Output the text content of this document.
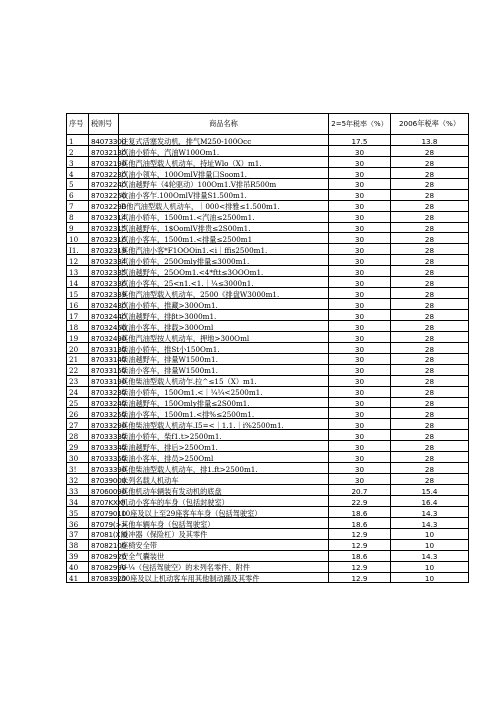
序号	税则号	商品名称	2=5年税率（%）	2006年税率（%）
1	84073300	往复式活塞发动机，排气M250-100Occ	17.5	13.8
2	87032130	汽油小轿车，汽油W100Om1.	30	28
3	87032190	其他汽油型载人机动车，持址Wlo（X）m1.	30	28
4	87032230	汽油小领车，100OmlV排量口Soom1.	30	28
5	87032240	汽油越野车（4轮驱动）100Om1.V排吊R500m	30	28
6	87032250	收油小客乍.100OmlV排量S1.500m1.	30	28
7	87032290	B他汽油型载人机动车，｜000<排雅≤1.500m1.	30	28
8	87032314	汽油小轿车，1500m1.<汽油≤2500m1.	30	28
9	87032315	汽油越野车，1$OomlV排贵≤2S00m1.	30	28
10	87032316	汽油小客车，1500m1.<排量≤2500m1	30	28
I1.	87032319	其他汽油小客*F1OOOin1.<i｜ffis2500m1.	30	28
12	87032334	汽油小轿车，250Omly排量≤3000m1.	30	28
13	87032335	汽油越野车，25OOm1.<4*ftt≤3OOOm1.	30	28
14	87032336	汽油小客车，25<n1.<1.｜¼≤3000n1.	30	28
15	87032339	其他汽油型载入机动车，2500《排盘W3000m1.	30	28
16	87032430	汽油小轿车，推藏>300Om1.	30	28
17	87032440	汽油越野车，排βt>3000m1.	30	28
18	87032450	收油小客车，排载>300Oml	30	28
19	87032490	其他汽油型按人机动车，押地>300Oml	30	28
20	87033130	柴油小轿车，推St小150Om1.	30	28
21	87033140	柴油越野车，排量W1500m1.	30	28
22	87033150	柴油小客车，排量W1500m1.	30	28
23	87033190	其他柴油型载人机动乍.拉^≤15（X）m1.	30	28
24	87033230	柴油小轿车，150Om1.<｜¼¼<2500m1.	30	28
25	87033240	柴油越野车，150Omly排量≤2S00m1.	30	28
26	87033250	柴油小客车，1500m1.<排%≤2500m1.	30	28
27	87033290	其他柴油型载人机动车.I5=<｜1.1.｜i%2500m1.	30	28
28	87033330	柴油小轿车，柴f1.t>2500m1.	30	28
29	87033340	柴油越野车，排后>250Om1.	30	28
30	87033350	柴油小客车，排员>250Oml	30	28
3!	87033390	其他柴油型载人机动车，排1.ft>2500m1.	30	28
32	87039000	未列名载人机动车	30	28
33	87060090	其他机动车辆装有发动机的底盘	20.7	15.4
34	8707KXX)	机动小客车的车身（包括封驶室）	22.9	16.4
35	87079010	10座及以上至29座客车车身（包括驾驶室）	18.6	14.3
36	87079(>>	其他车辆车身（包括驾驶室）	18.6	14.3
37	87081(X)0	缓冲器（保险杠）及其零件	12.9	10
38	87082100	座椅安全带	12.9	10
39	87082920	安全气囊装世	18.6	14.3
40	87082990	V-¼（包括驾驶空）的未列名零件、附件	12.9	10
41	87083920	30座及以上机动客车用其他制动踊及其零件	12.9	10
